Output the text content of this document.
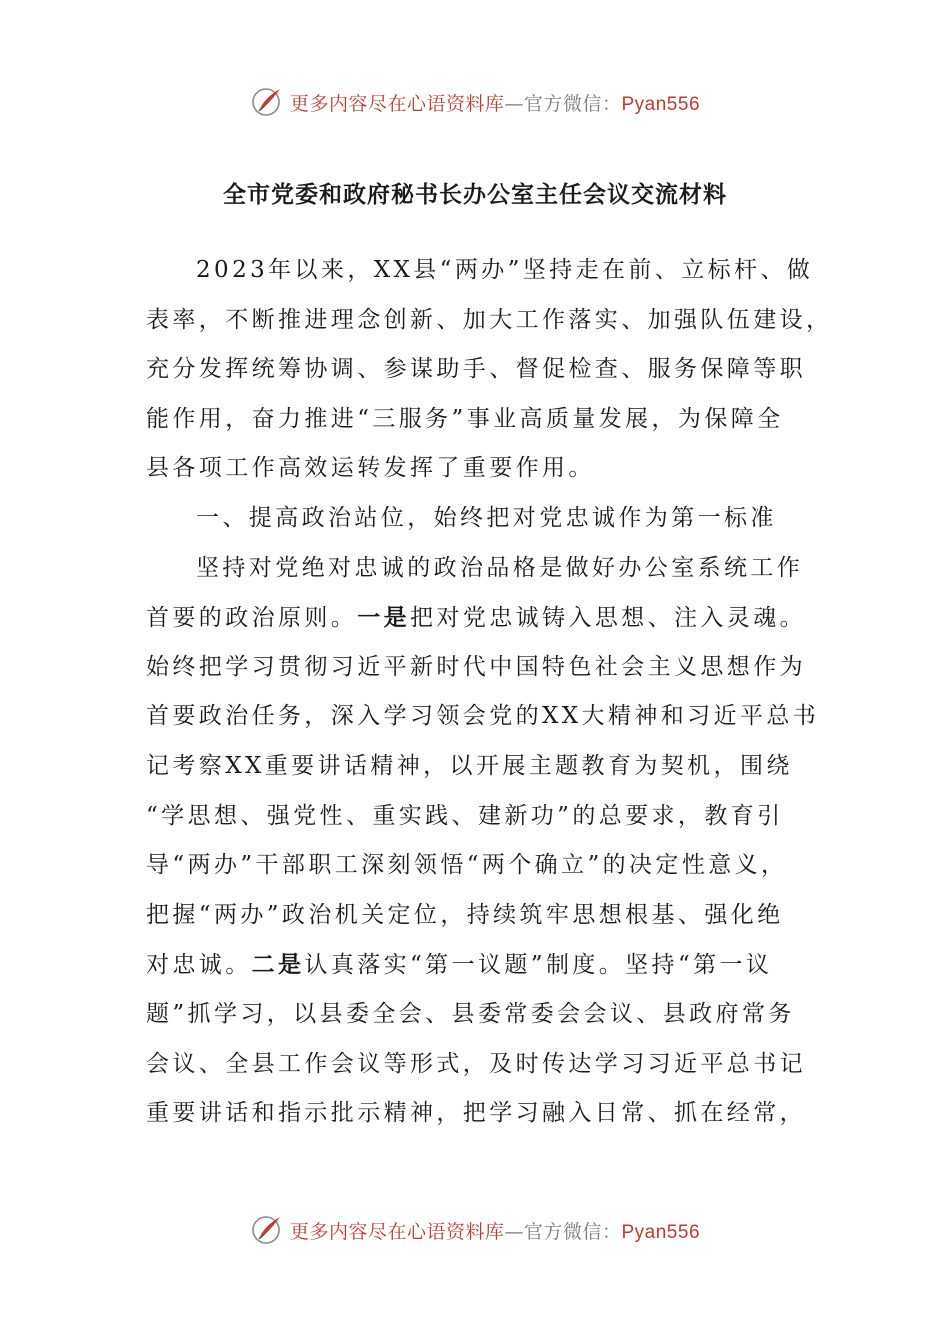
更多内容尽在心语资料库—官方微信：Pyan556
全市党委和政府秘书长办公室主任会议交流材料
2023年以来，XX县“两办”坚持走在前、立标杆、做
表率，不断推进理念创新、加大工作落实、加强队伍建设，
充分发挥统筹协调、参谋助手、督促检查、服务保障等职
能作用，奋力推进“三服务”事业高质量发展，为保障全
县各项工作高效运转发挥了重要作用。
一、提高政治站位，始终把对党忠诚作为第一标准
坚持对党绝对忠诚的政治品格是做好办公室系统工作
首要的政治原则。一是把对党忠诚铸入思想、注入灵魂。
始终把学习贯彻习近平新时代中国特色社会主义思想作为
首要政治任务，深入学习领会党的XX大精神和习近平总书
记考察XX重要讲话精神，以开展主题教育为契机，围绕
“学思想、强党性、重实践、建新功”的总要求，教育引
导“两办”干部职工深刻领悟“两个确立”的决定性意义，
把握“两办”政治机关定位，持续筑牢思想根基、强化绝
对忠诚。二是认真落实“第一议题”制度。坚持“第一议
题”抓学习，以县委全会、县委常委会会议、县政府常务
会议、全县工作会议等形式，及时传达学习习近平总书记
重要讲话和指示批示精神，把学习融入日常、抓在经常，
更多内容尽在心语资料库—官方微信：Pyan556
